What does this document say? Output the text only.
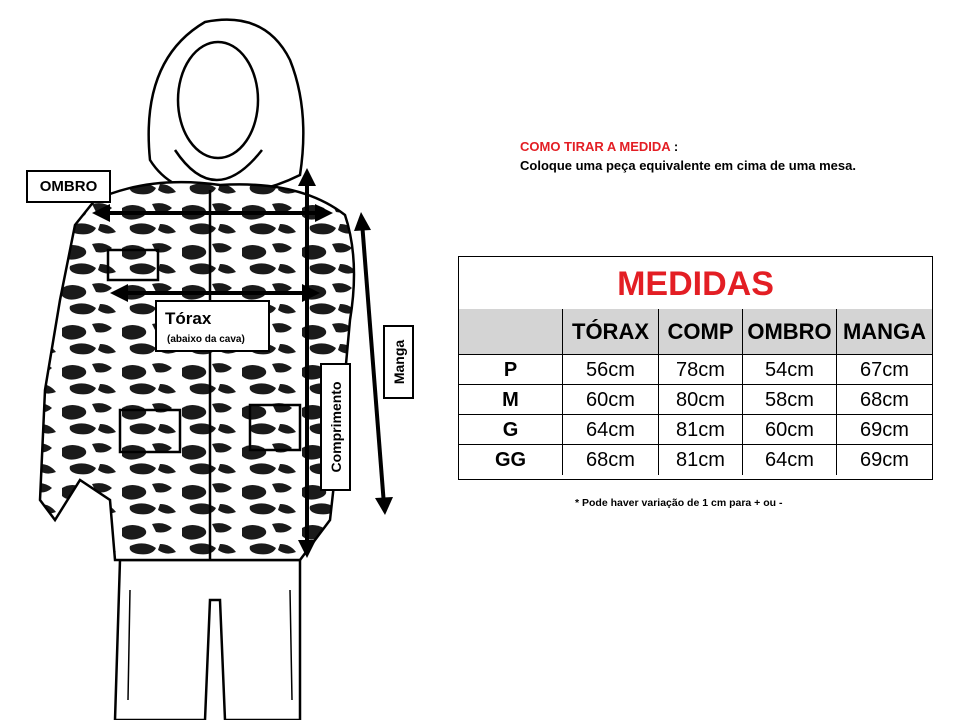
OMBRO
Tórax
(abaixo da cava)
Comprimento
Manga
COMO TIRAR A MEDIDA :
Coloque uma peça equivalente em cima de uma mesa.
MEDIDAS
TÓRAX COMP OMBRO MANGA
P	56cm	78cm	54cm	67cm
M	60cm	80cm	58cm	68cm
G	64cm	81cm	60cm	69cm
GG	68cm	81cm	64cm	69cm
* Pode haver variação de 1 cm para + ou -
